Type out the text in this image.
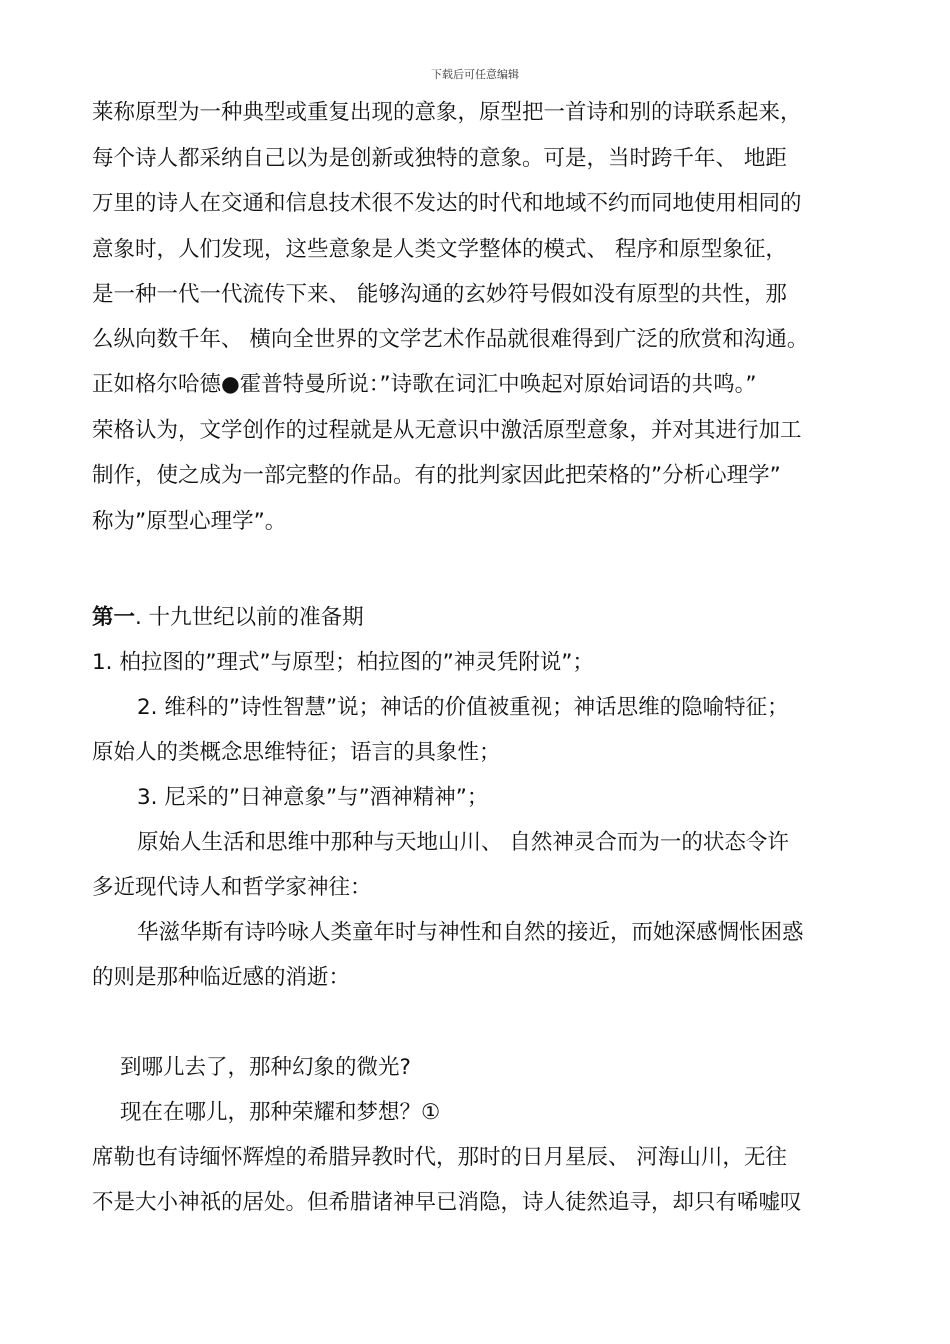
下载后可任意编辑
莱称原型为一种典型或重复出现的意象，原型把一首诗和别的诗联系起来，
每个诗人都采纳自己以为是创新或独特的意象。可是，当时跨千年、 地距
万里的诗人在交通和信息技术很不发达的时代和地域不约而同地使用相同的
意象时，人们发现，这些意象是人类文学整体的模式、 程序和原型象征，
是一种一代一代流传下来、 能够沟通的玄妙符号假如没有原型的共性，那
么纵向数千年、 横向全世界的文学艺术作品就很难得到广泛的欣赏和沟通。
正如格尔哈德●霍普特曼所说：”诗歌在词汇中唤起对原始词语的共鸣。”
荣格认为，文学创作的过程就是从无意识中激活原型意象，并对其进行加工
制作，使之成为一部完整的作品。有的批判家因此把荣格的”分析心理学”
称为”原型心理学”。
第一. 十九世纪以前的准备期
1. 柏拉图的”理式”与原型；柏拉图的”神灵凭附说”；
2. 维科的”诗性智慧”说；神话的价值被重视；神话思维的隐喻特征；
原始人的类概念思维特征；语言的具象性；
3. 尼采的”日神意象”与”酒神精神”；
原始人生活和思维中那种与天地山川、 自然神灵合而为一的状态令许
多近现代诗人和哲学家神往：
华滋华斯有诗吟咏人类童年时与神性和自然的接近，而她深感惆怅困惑
的则是那种临近感的消逝：
到哪儿去了，那种幻象的微光?
现在在哪儿，那种荣耀和梦想？①
席勒也有诗缅怀辉煌的希腊异教时代，那时的日月星辰、 河海山川，无往
不是大小神祇的居处。但希腊诸神早已消隐，诗人徒然追寻，却只有唏嘘叹
